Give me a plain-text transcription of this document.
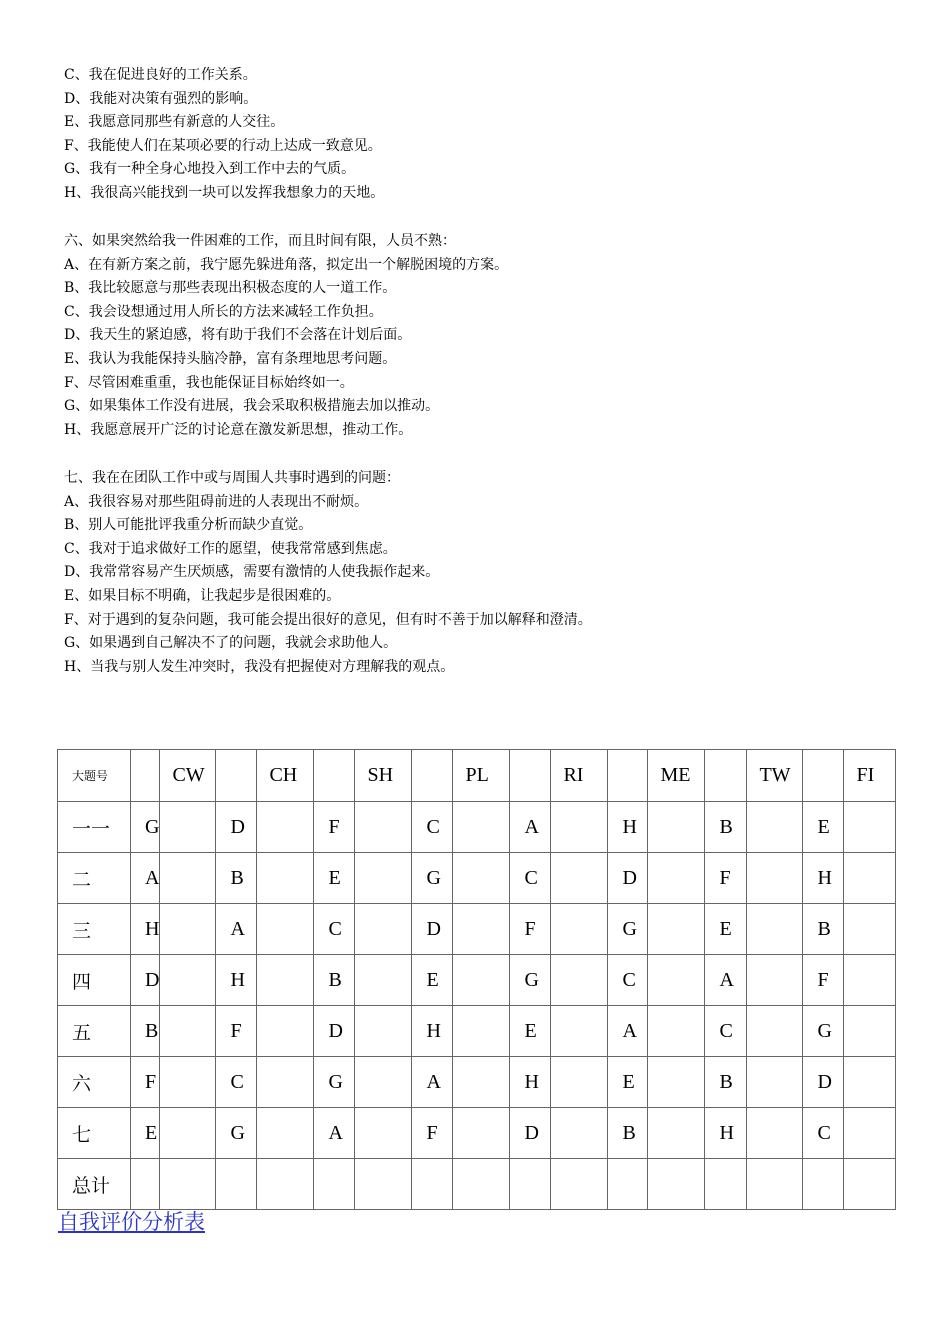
C、我在促进良好的工作关系。
D、我能对决策有强烈的影响。
E、我愿意同那些有新意的人交往。
F、我能使人们在某项必要的行动上达成一致意见。
G、我有一种全身心地投入到工作中去的气质。
H、我很高兴能找到一块可以发挥我想象力的天地。
六、如果突然给我一件困难的工作，而且时间有限，人员不熟：
A、在有新方案之前，我宁愿先躲进角落，拟定出一个解脱困境的方案。
B、我比较愿意与那些表现出积极态度的人一道工作。
C、我会设想通过用人所长的方法来减轻工作负担。
D、我天生的紧迫感，将有助于我们不会落在计划后面。
E、我认为我能保持头脑冷静，富有条理地思考问题。
F、尽管困难重重，我也能保证目标始终如一。
G、如果集体工作没有进展，我会采取积极措施去加以推动。
H、我愿意展开广泛的讨论意在激发新思想，推动工作。
七、我在在团队工作中或与周围人共事时遇到的问题：
A、我很容易对那些阻碍前进的人表现出不耐烦。
B、别人可能批评我重分析而缺少直觉。
C、我对于追求做好工作的愿望，使我常常感到焦虑。
D、我常常容易产生厌烦感，需要有激情的人使我振作起来。
E、如果目标不明确，让我起步是很困难的。
F、对于遇到的复杂问题，我可能会提出很好的意见，但有时不善于加以解释和澄清。
G、如果遇到自己解决不了的问题，我就会求助他人。
H、当我与别人发生冲突时，我没有把握使对方理解我的观点。
大题号		CW		CH		SH		PL		RI		ME		TW		FI
一一	G		D		F		C		A		H		B		E	
二	A		B		E		G		C		D		F		H	
三	H		A		C		D		F		G		E		B	
四	D		H		B		E		G		C		A		F	
五	B		F		D		H		E		A		C		G	
六	F		C		G		A		H		E		B		D	
七	E		G		A		F		D		B		H		C	
总计																
自我评价分析表
